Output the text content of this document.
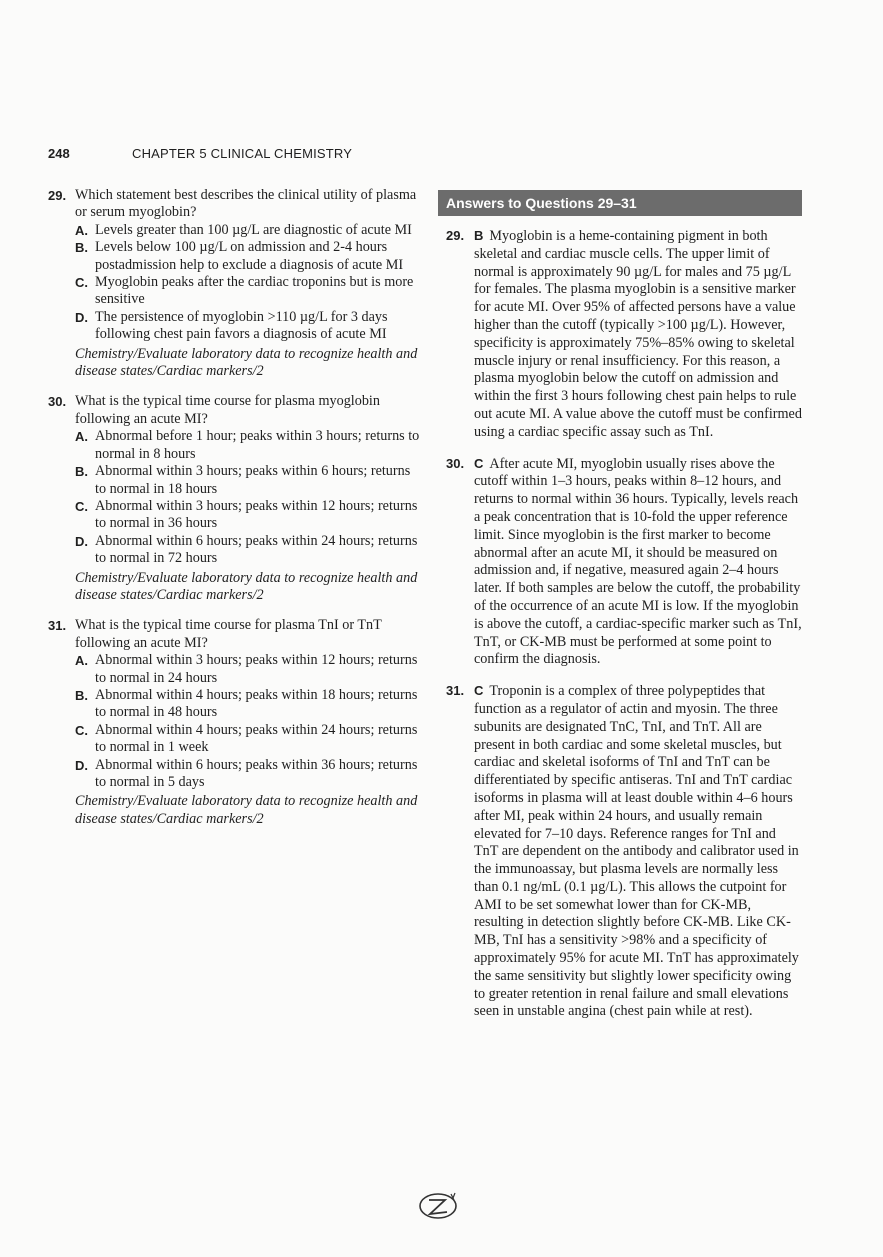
248	CHAPTER 5 CLINICAL CHEMISTRY
29. Which statement best describes the clinical utility of plasma or serum myoglobin?
A. Levels greater than 100 µg/L are diagnostic of acute MI
B. Levels below 100 µg/L on admission and 2-4 hours postadmission help to exclude a diagnosis of acute MI
C. Myoglobin peaks after the cardiac troponins but is more sensitive
D. The persistence of myoglobin >110 µg/L for 3 days following chest pain favors a diagnosis of acute MI
Chemistry/Evaluate laboratory data to recognize health and disease states/Cardiac markers/2
30. What is the typical time course for plasma myoglobin following an acute MI?
A. Abnormal before 1 hour; peaks within 3 hours; returns to normal in 8 hours
B. Abnormal within 3 hours; peaks within 6 hours; returns to normal in 18 hours
C. Abnormal within 3 hours; peaks within 12 hours; returns to normal in 36 hours
D. Abnormal within 6 hours; peaks within 24 hours; returns to normal in 72 hours
Chemistry/Evaluate laboratory data to recognize health and disease states/Cardiac markers/2
31. What is the typical time course for plasma TnI or TnT following an acute MI?
A. Abnormal within 3 hours; peaks within 12 hours; returns to normal in 24 hours
B. Abnormal within 4 hours; peaks within 18 hours; returns to normal in 48 hours
C. Abnormal within 4 hours; peaks within 24 hours; returns to normal in 1 week
D. Abnormal within 6 hours; peaks within 36 hours; returns to normal in 5 days
Chemistry/Evaluate laboratory data to recognize health and disease states/Cardiac markers/2
Answers to Questions 29–31
29. B Myoglobin is a heme-containing pigment in both skeletal and cardiac muscle cells. The upper limit of normal is approximately 90 µg/L for males and 75 µg/L for females. The plasma myoglobin is a sensitive marker for acute MI. Over 95% of affected persons have a value higher than the cutoff (typically >100 µg/L). However, specificity is approximately 75%–85% owing to skeletal muscle injury or renal insufficiency. For this reason, a plasma myoglobin below the cutoff on admission and within the first 3 hours following chest pain helps to rule out acute MI. A value above the cutoff must be confirmed using a cardiac specific assay such as TnI.
30. C After acute MI, myoglobin usually rises above the cutoff within 1–3 hours, peaks within 8–12 hours, and returns to normal within 36 hours. Typically, levels reach a peak concentration that is 10-fold the upper reference limit. Since myoglobin is the first marker to become abnormal after an acute MI, it should be measured on admission and, if negative, measured again 2–4 hours later. If both samples are below the cutoff, the probability of the occurrence of an acute MI is low. If the myoglobin is above the cutoff, a cardiac-specific marker such as TnI, TnT, or CK-MB must be performed at some point to confirm the diagnosis.
31. C Troponin is a complex of three polypeptides that function as a regulator of actin and myosin. The three subunits are designated TnC, TnI, and TnT. All are present in both cardiac and some skeletal muscles, but cardiac and skeletal isoforms of TnI and TnT can be differentiated by specific antiseras. TnI and TnT cardiac isoforms in plasma will at least double within 4–6 hours after MI, peak within 24 hours, and usually remain elevated for 7–10 days. Reference ranges for TnI and TnT are dependent on the antibody and calibrator used in the immunoassay, but plasma levels are normally less than 0.1 ng/mL (0.1 µg/L). This allows the cutpoint for AMI to be set somewhat lower than for CK-MB, resulting in detection slightly before CK-MB. Like CK-MB, TnI has a sensitivity >98% and a specificity of approximately 95% for acute MI. TnT has approximately the same sensitivity but slightly lower specificity owing to greater retention in renal failure and small elevations seen in unstable angina (chest pain while at rest).
